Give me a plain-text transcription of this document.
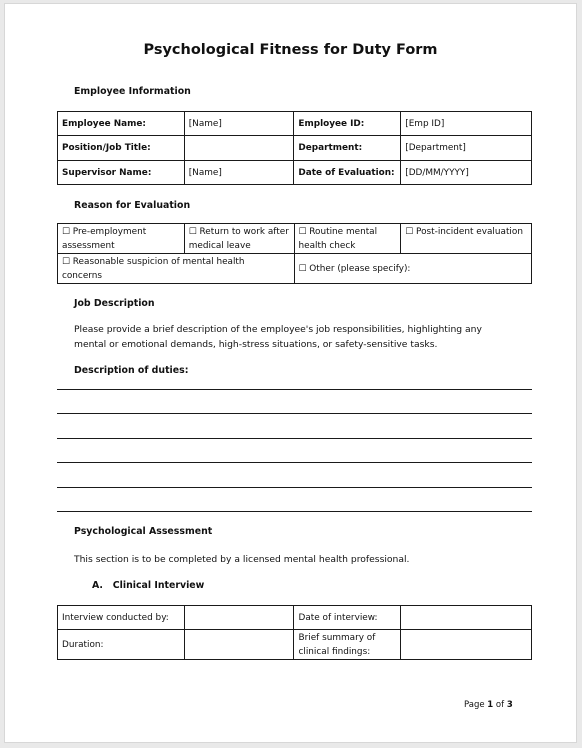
Psychological Fitness for Duty Form
Employee Information
Employee Name:	[Name]	Employee ID:	[Emp ID]
Position/Job Title:		Department:	[Department]
Supervisor Name:	[Name]	Date of Evaluation:	[DD/MM/YYYY]
Reason for Evaluation
☐ Pre-employment assessment	☐ Return to work after medical leave	☐ Routine mental health check	☐ Post-incident evaluation
☐ Reasonable suspicion of mental health concerns		☐ Other (please specify):	
Job Description
Please provide a brief description of the employee's job responsibilities, highlighting any mental or emotional demands, high-stress situations, or safety-sensitive tasks.
Description of duties:
Psychological Assessment
This section is to be completed by a licensed mental health professional.
A.   Clinical Interview
Interview conducted by:		Date of interview:	
Duration:		Brief summary of clinical findings:	
Page 1 of 3
